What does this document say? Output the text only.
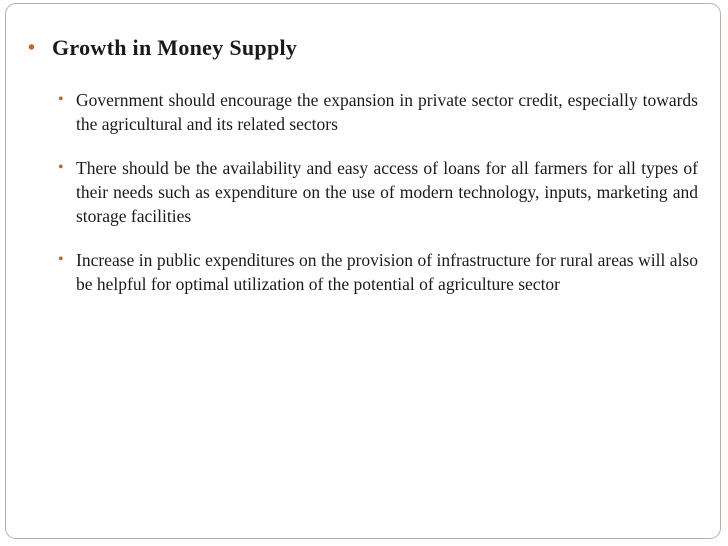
• Growth in Money Supply
• Government should encourage the expansion in private sector credit, especially towards the agricultural and its related sectors
• There should be the availability and easy access of loans for all farmers for all types of their needs such as expenditure on the use of modern technology, inputs, marketing and storage facilities
• Increase in public expenditures on the provision of infrastructure for rural areas will also be helpful for optimal utilization of the potential of agriculture sector
